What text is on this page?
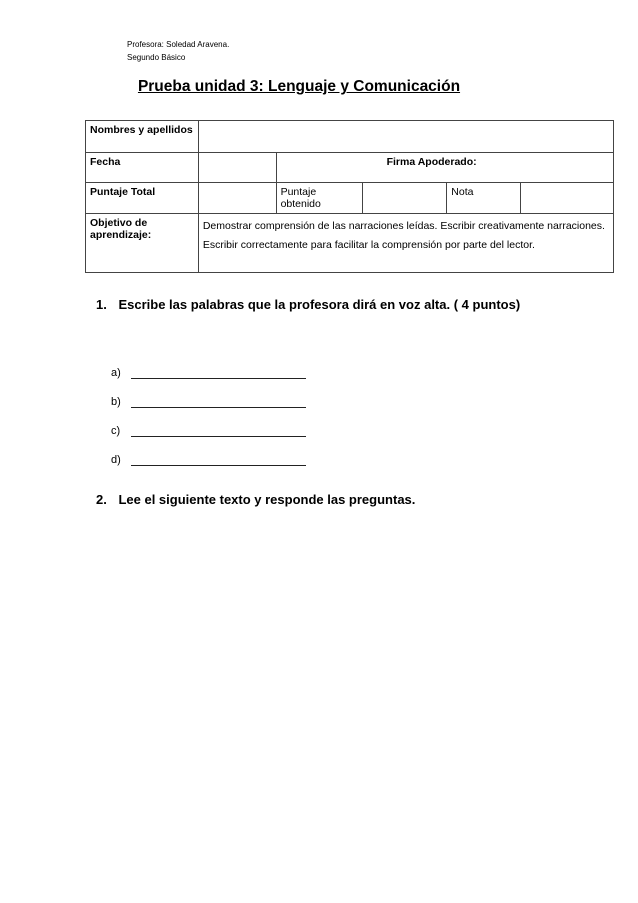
Profesora: Soledad Aravena.
Segundo Básico
Prueba unidad 3: Lenguaje y Comunicación
Nombres y apellidos					
Fecha		Firma Apoderado:			
Puntaje Total		Puntaje obtenido		Nota	
Objetivo de aprendizaje:	Demostrar comprensión de las narraciones leídas. Escribir creativamente narraciones. Escribir correctamente para facilitar la comprensión por parte del lector.				
1. Escribe las palabras que la profesora dirá en voz alta. ( 4 puntos)
a)
b)
c)
d)
2. Lee el siguiente texto y responde las preguntas.
